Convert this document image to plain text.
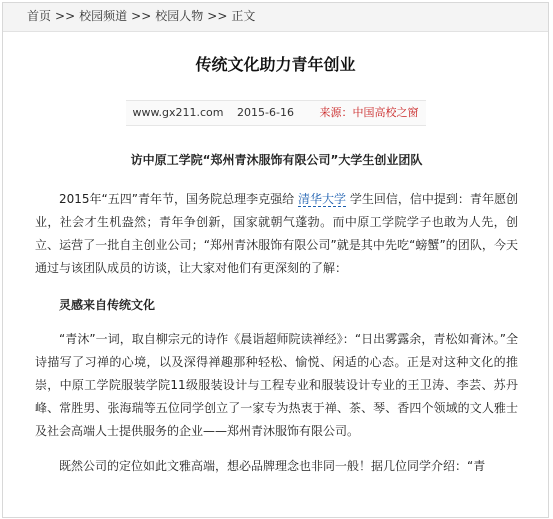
首页 >> 校园频道 >> 校园人物 >> 正文
传统文化助力青年创业
www.gx211.com 2015-6-16 来源：中国高校之窗
访中原工学院“郑州青沐服饰有限公司”大学生创业团队

2015年“五四”青年节，国务院总理李克强给 清华大学 学生回信，信中提到：青年愿创业，社会才生机盎然；青年争创新，国家就朝气蓬勃。而中原工学院学子也敢为人先，创立、运营了一批自主创业公司；“郑州青沐服饰有限公司”就是其中先吃“螃蟹”的团队，今天通过与该团队成员的访谈，让大家对他们有更深刻的了解：

灵感来自传统文化

“青沐”一词，取自柳宗元的诗作《晨诣超师院读禅经》：“日出雾露余，青松如膏沐。”全诗描写了习禅的心境，以及深得禅趣那种轻松、愉悦、闲适的心态。正是对这种文化的推崇，中原工学院服装学院11级服装设计与工程专业和服装设计专业的王卫涛、李芸、苏丹峰、常胜男、张海瑞等五位同学创立了一家专为热衷于禅、茶、琴、香四个领域的文人雅士及社会高端人士提供服务的企业——郑州青沐服饰有限公司。

既然公司的定位如此文雅高端，想必品牌理念也非同一般！据几位同学介绍：“青
